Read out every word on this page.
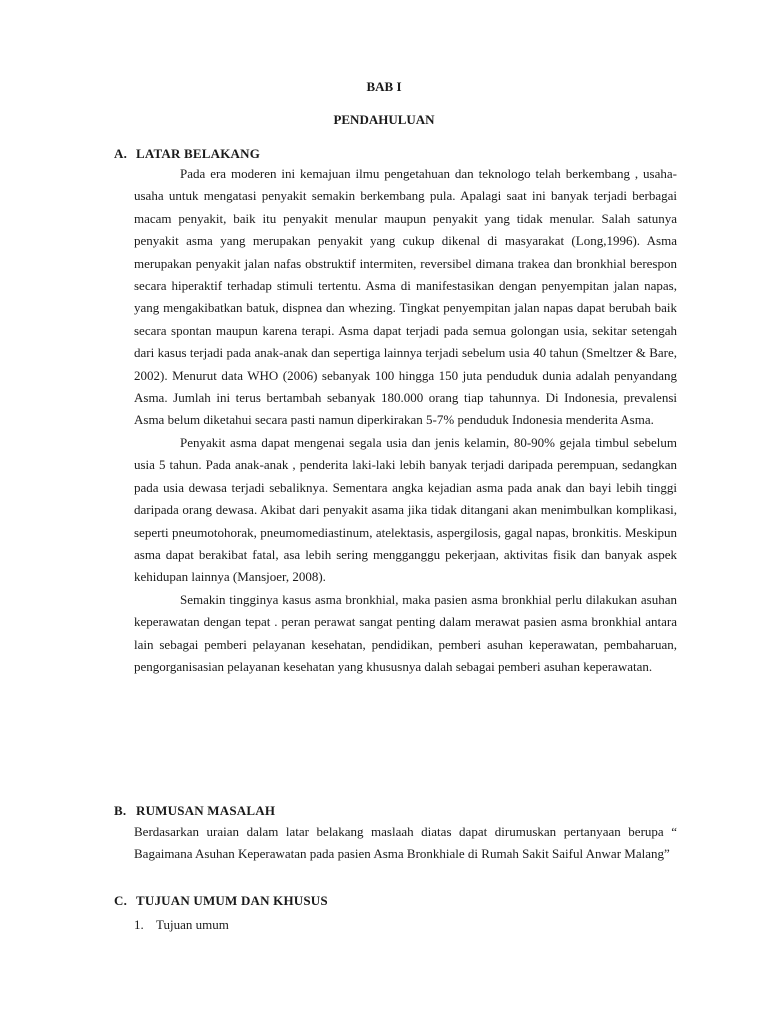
BAB I

PENDAHULUAN

A. LATAR BELAKANG

Pada era moderen ini kemajuan ilmu pengetahuan dan teknologo telah berkembang , usaha-usaha untuk mengatasi penyakit semakin berkembang pula. Apalagi saat ini banyak terjadi berbagai macam penyakit, baik itu penyakit menular maupun penyakit yang tidak menular. Salah satunya penyakit asma yang merupakan penyakit yang cukup dikenal di masyarakat (Long,1996). Asma merupakan penyakit jalan nafas obstruktif intermiten, reversibel dimana trakea dan bronkhial berespon secara hiperaktif terhadap stimuli tertentu. Asma di manifestasikan dengan penyempitan jalan napas, yang mengakibatkan batuk, dispnea dan whezing. Tingkat penyempitan jalan napas dapat berubah baik secara spontan maupun karena terapi. Asma dapat terjadi pada semua golongan usia, sekitar setengah dari kasus terjadi pada anak-anak dan sepertiga lainnya terjadi sebelum usia 40 tahun (Smeltzer & Bare, 2002). Menurut data WHO (2006) sebanyak 100 hingga 150 juta penduduk dunia adalah penyandang Asma. Jumlah ini terus bertambah sebanyak 180.000 orang tiap tahunnya. Di Indonesia, prevalensi Asma belum diketahui secara pasti namun diperkirakan 5-7% penduduk Indonesia menderita Asma.

Penyakit asma dapat mengenai segala usia dan jenis kelamin, 80-90% gejala timbul sebelum usia 5 tahun. Pada anak-anak , penderita laki-laki lebih banyak terjadi daripada perempuan, sedangkan pada usia dewasa terjadi sebaliknya. Sementara angka kejadian asma pada anak dan bayi lebih tinggi daripada orang dewasa. Akibat dari penyakit asama jika tidak ditangani akan menimbulkan komplikasi, seperti pneumotohorak, pneumomediastinum, atelektasis, aspergilosis, gagal napas, bronkitis. Meskipun asma dapat berakibat fatal, asa lebih sering mengganggu pekerjaan, aktivitas fisik dan banyak aspek kehidupan lainnya (Mansjoer, 2008).

Semakin tingginya kasus asma bronkhial, maka pasien asma bronkhial perlu dilakukan asuhan keperawatan dengan tepat . peran perawat sangat penting dalam merawat pasien asma bronkhial antara lain sebagai pemberi pelayanan kesehatan, pendidikan, pemberi asuhan keperawatan, pembaharuan, pengorganisasian pelayanan kesehatan yang khususnya dalah sebagai pemberi asuhan keperawatan.

B. RUMUSAN MASALAH

Berdasarkan uraian dalam latar belakang maslaah diatas dapat dirumuskan pertanyaan berupa “ Bagaimana Asuhan Keperawatan pada pasien Asma Bronkhiale di Rumah Sakit Saiful Anwar Malang”

C. TUJUAN UMUM DAN KHUSUS

1. Tujuan umum
